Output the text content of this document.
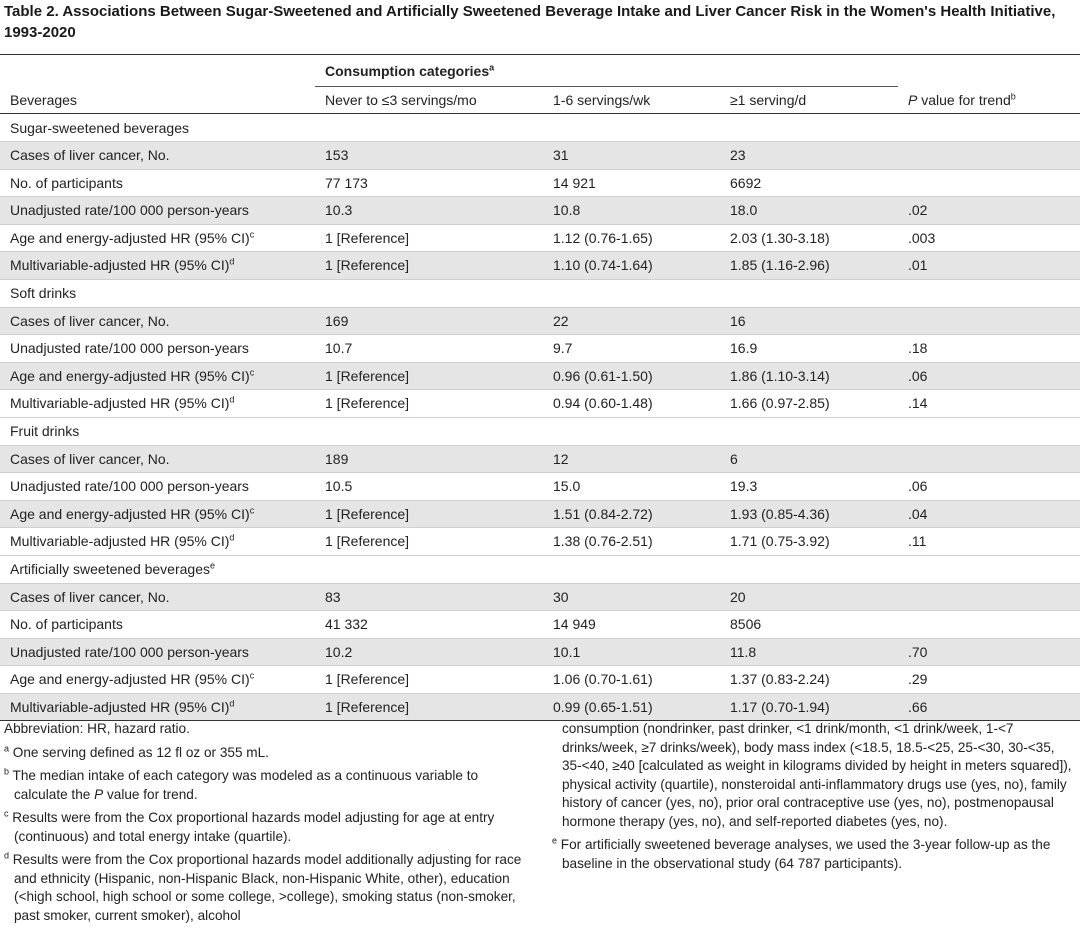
Table 2. Associations Between Sugar-Sweetened and Artificially Sweetened Beverage Intake and Liver Cancer Risk in the Women's Health Initiative, 1993-2020
	Consumption categories$^a$	
Beverages	Never to ≤3 servings/mo	1-6 servings/wk	≥1 serving/d	P value for trend$^b$
Sugar-sweetened beverages				
Cases of liver cancer, No.	153	31	23	
No. of participants	77 173	14 921	6692	
Unadjusted rate/100 000 person-years	10.3	10.8	18.0	.02
Age and energy-adjusted HR (95% CI)$^c$	1 [Reference]	1.12 (0.76-1.65)	2.03 (1.30-3.18)	.003
Multivariable-adjusted HR (95% CI)$^d$	1 [Reference]	1.10 (0.74-1.64)	1.85 (1.16-2.96)	.01
Soft drinks				
Cases of liver cancer, No.	169	22	16	
Unadjusted rate/100 000 person-years	10.7	9.7	16.9	.18
Age and energy-adjusted HR (95% CI)$^c$	1 [Reference]	0.96 (0.61-1.50)	1.86 (1.10-3.14)	.06
Multivariable-adjusted HR (95% CI)$^d$	1 [Reference]	0.94 (0.60-1.48)	1.66 (0.97-2.85)	.14
Fruit drinks				
Cases of liver cancer, No.	189	12	6	
Unadjusted rate/100 000 person-years	10.5	15.0	19.3	.06
Age and energy-adjusted HR (95% CI)$^c$	1 [Reference]	1.51 (0.84-2.72)	1.93 (0.85-4.36)	.04
Multivariable-adjusted HR (95% CI)$^d$	1 [Reference]	1.38 (0.76-2.51)	1.71 (0.75-3.92)	.11
Artificially sweetened beverages$^e$
Cases of liver cancer, No.	83	30	20	
No. of participants	41 332	14 949	8506	
Unadjusted rate/100 000 person-years	10.2	10.1	11.8	.70
Age and energy-adjusted HR (95% CI)$^c$	1 [Reference]	1.06 (0.70-1.61)	1.37 (0.83-2.24)	.29
Multivariable-adjusted HR (95% CI)$^d$	1 [Reference]	0.99 (0.65-1.51)	1.17 (0.70-1.94)	.66

Abbreviation: HR, hazard ratio.

$^a$ One serving defined as 12 fl oz or 355 mL.

$^b$ The median intake of each category was modeled as a continuous variable to calculate the P value for trend.

$^c$ Results were from the Cox proportional hazards model adjusting for age at entry (continuous) and total energy intake (quartile).

$^d$ Results were from the Cox proportional hazards model additionally adjusting for race and ethnicity (Hispanic, non-Hispanic Black, non-Hispanic White, other), education (<high school, high school or some college, >college), smoking status (non-smoker, past smoker, current smoker), alcohol

consumption (nondrinker, past drinker, <1 drink/month, <1 drink/week, 1-<7 drinks/week, ≥7 drinks/week), body mass index (<18.5, 18.5-<25, 25-<30, 30-<35, 35-<40, ≥40 [calculated as weight in kilograms divided by height in meters squared]), physical activity (quartile), nonsteroidal anti-inflammatory drugs use (yes, no), family history of cancer (yes, no), prior oral contraceptive use (yes, no), postmenopausal hormone therapy (yes, no), and self-reported diabetes (yes, no).

$^e$ For artificially sweetened beverage analyses, we used the 3-year follow-up as the baseline in the observational study (64 787 participants).
